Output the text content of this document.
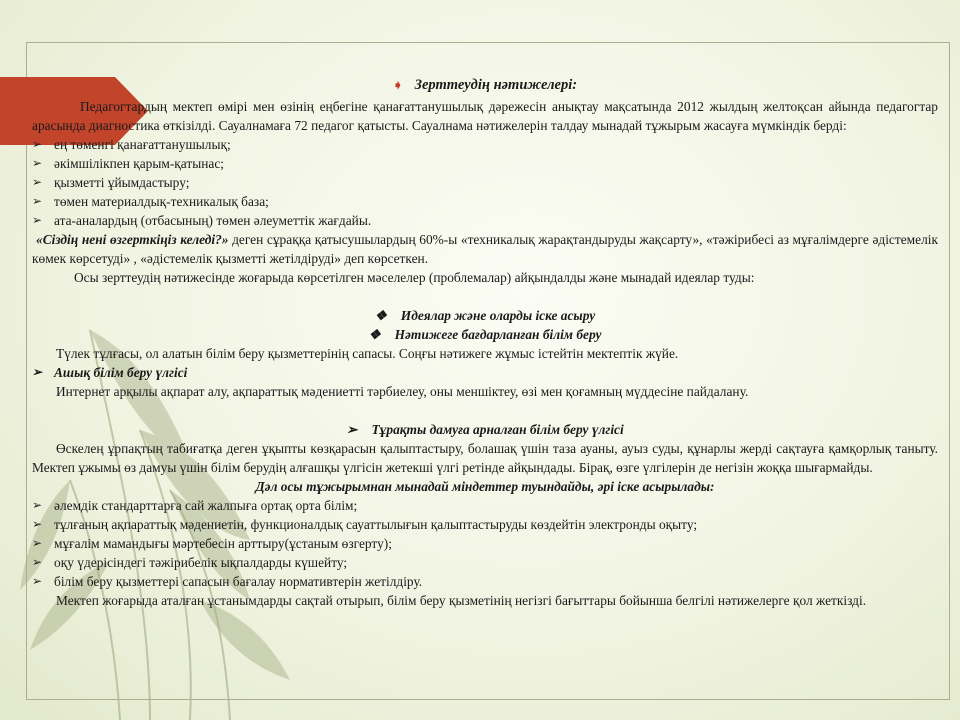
➧ Зерттеудің нәтижелері:

Педагогтардың мектеп өмірі мен өзінің еңбегіне қанағаттанушылық дәрежесін анықтау мақсатында 2012 жылдың желтоқсан айында педагогтар арасында диагностика өткізілді. Сауалнамаға 72 педагог қатысты. Сауалнама нәтижелерін талдау мынадай тұжырым жасауға мүмкіндік берді:

➢ ең төменгі қанағаттанушылық;
➢ әкімшілікпен қарым-қатынас;
➢ қызметті ұйымдастыру;
➢ төмен материалдық-техникалық база;
➢ ата-аналардың (отбасының) төмен әлеуметтік жағдайы.

«Сіздің нені өзгерткіңіз келеді?» деген сұраққа қатысушылардың 60%-ы «техникалық жарақтандыруды жақсарту», «тәжірибесі аз мұғалімдерге әдістемелік көмек көрсетуді» , «әдістемелік қызметті жетілдіруді» деп көрсеткен.

Осы зерттеудің нәтижесінде жоғарыда көрсетілген мәселелер (проблемалар) айқындалды және мынадай идеялар туды:

❖ Идеялар және оларды іске асыру

❖ Нәтижеге бағдарланған білім беру

Түлек тұлғасы, ол алатын білім беру қызметтерінің сапасы. Соңғы нәтижеге жұмыс істейтін мектептік жүйе.

➢ Ашық білім беру үлгісі

Интернет арқылы ақпарат алу, ақпараттық мәдениетті тәрбиелеу, оны меншіктеу, өзі мен қоғамның мүддесіне пайдалану.

➢ Тұрақты дамуға арналған білім беру үлгісі

Өскелең ұрпақтың табиғатқа деген ұқыпты көзқарасын қалыптастыру, болашақ үшін таза ауаны, ауыз суды, құнарлы жерді сақтауға қамқорлық таныту. Мектеп ұжымы өз дамуы үшін білім берудің алғашқы үлгісін жетекші үлгі ретінде айқындады. Бірақ, өзге үлгілерін де негізін жоққа шығармайды.

Дәл осы тұжырымнан мынадай міндеттер туындайды, әрі іске асырылады:

➢ әлемдік стандарттарға сай жалпыға ортақ орта білім;
➢ тұлғаның ақпараттық мәдениетін, функционалдық сауаттылығын қалыптастыруды көздейтін электронды оқыту;
➢ мұғалім мамандығы мәртебесін арттыру(ұстаным өзгерту);
➢ оқу үдерісіндегі тәжірибелік ықпалдарды күшейту;
➢ білім беру қызметтері сапасын бағалау нормативтерін жетілдіру.

Мектеп жоғарыда аталған ұстанымдарды сақтай отырып, білім беру қызметінің негізгі бағыттары бойынша белгілі нәтижелерге қол жеткізді.
